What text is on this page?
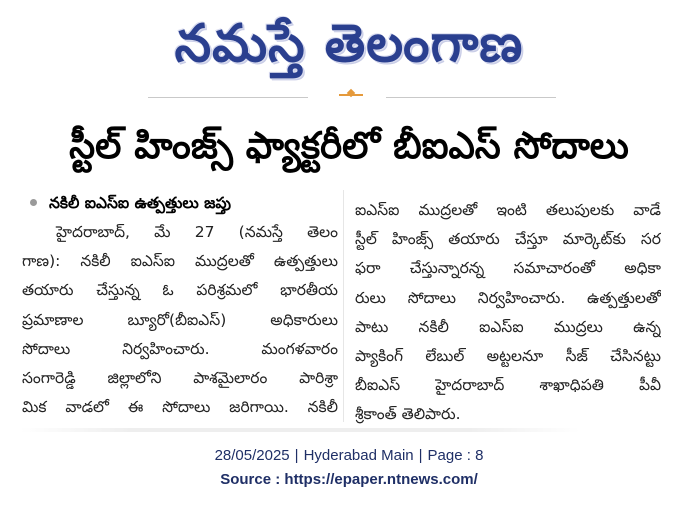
నమస్తే తెలంగాణ
స్టీల్ హింజ్స్ ఫ్యాక్టరీలో బీఐఎస్ సోదాలు
నకిలీ ఐఎస్ఐ ఉత్పత్తులు జప్తు
హైదరాబాద్, మే 27 (నమస్తే తెలం
గాణ): నకిలీ ఐఎస్ఐ ముద్రలతో ఉత్పత్తులు
తయారు చేస్తున్న ఓ పరిశ్రమలో భారతీయ
ప్రమాణాల బ్యూరో(బీఐఎస్) అధికారులు
సోదాలు నిర్వహించారు. మంగళవారం
సంగారెడ్డి జిల్లాలోని పాశమైలారం పారిశ్రా
మిక వాడలో ఈ సోదాలు జరిగాయి. నకిలీ
ఐఎస్ఐ ముద్రలతో ఇంటి తలుపులకు వాడే
స్టీల్ హింజ్స్ తయారు చేస్తూ మార్కెట్‌కు సర
ఫరా చేస్తున్నారన్న సమాచారంతో అధికా
రులు సోదాలు నిర్వహించారు. ఉత్పత్తులతో
పాటు నకిలీ ఐఎస్ఐ ముద్రలు ఉన్న
ప్యాకింగ్ లేబుల్ అట్టలనూ సీజ్ చేసినట్టు
బీఐఎస్ హైదరాబాద్ శాఖాధిపతి పీవీ
శ్రీకాంత్ తెలిపారు.
28/05/2025 | Hyderabad Main | Page : 8
Source : https://epaper.ntnews.com/
